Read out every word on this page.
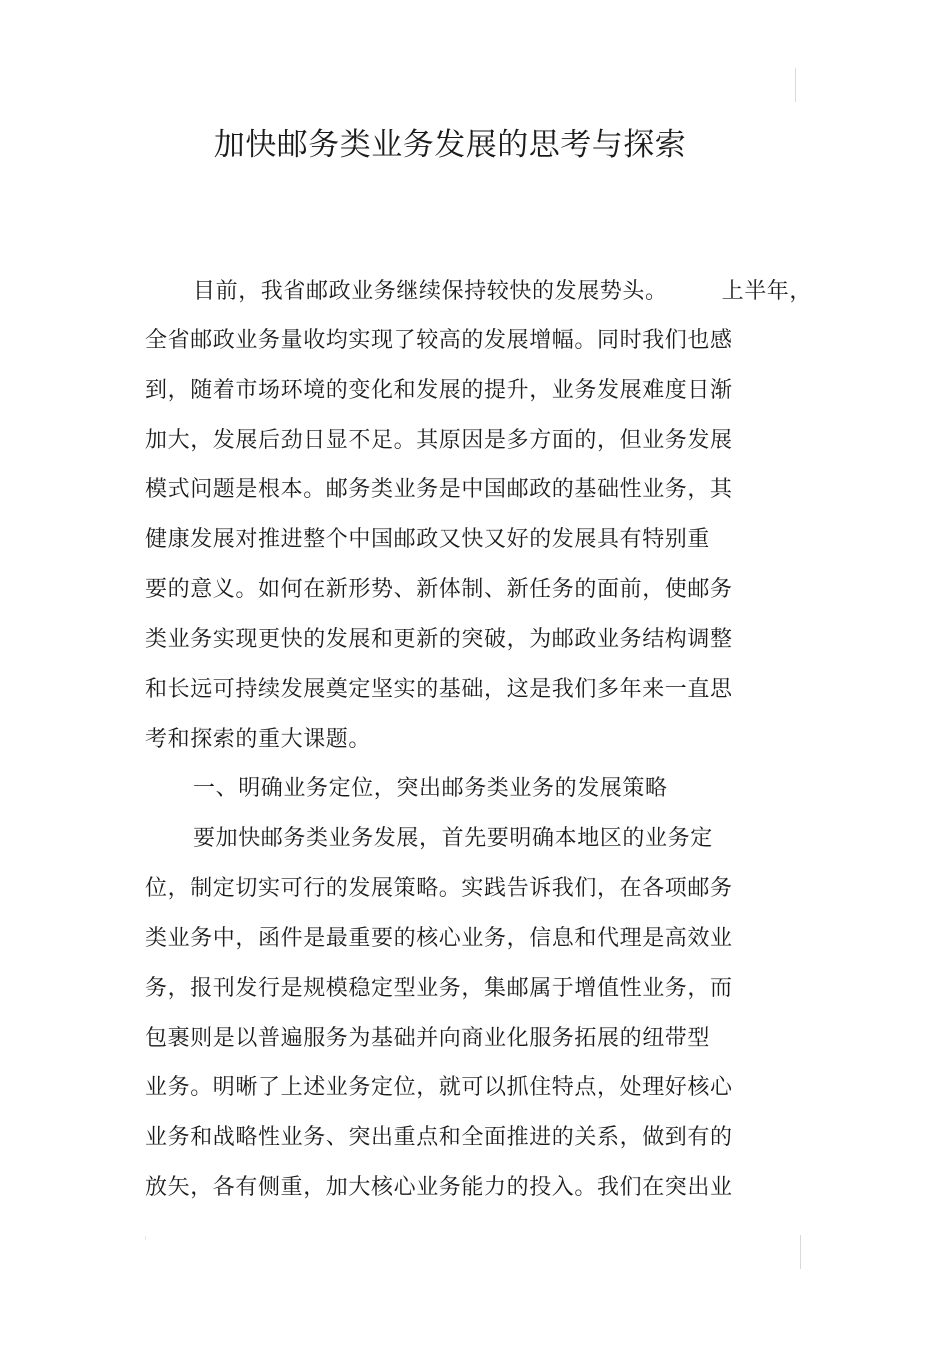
加快邮务类业务发展的思考与探索
目前，我省邮政业务继续保持较快的发展势头。 上半年，
全省邮政业务量收均实现了较高的发展增幅。同时我们也感
到，随着市场环境的变化和发展的提升，业务发展难度日渐
加大，发展后劲日显不足。其原因是多方面的，但业务发展
模式问题是根本。邮务类业务是中国邮政的基础性业务，其
健康发展对推进整个中国邮政又快又好的发展具有特别重
要的意义。如何在新形势、新体制、新任务的面前，使邮务
类业务实现更快的发展和更新的突破，为邮政业务结构调整
和长远可持续发展奠定坚实的基础，这是我们多年来一直思
考和探索的重大课题。
一、明确业务定位，突出邮务类业务的发展策略
要加快邮务类业务发展，首先要明确本地区的业务定
位，制定切实可行的发展策略。实践告诉我们，在各项邮务
类业务中，函件是最重要的核心业务，信息和代理是高效业
务，报刊发行是规模稳定型业务，集邮属于增值性业务，而
包裹则是以普遍服务为基础并向商业化服务拓展的纽带型
业务。明晰了上述业务定位，就可以抓住特点，处理好核心
业务和战略性业务、突出重点和全面推进的关系，做到有的
放矢，各有侧重，加大核心业务能力的投入。我们在突出业
